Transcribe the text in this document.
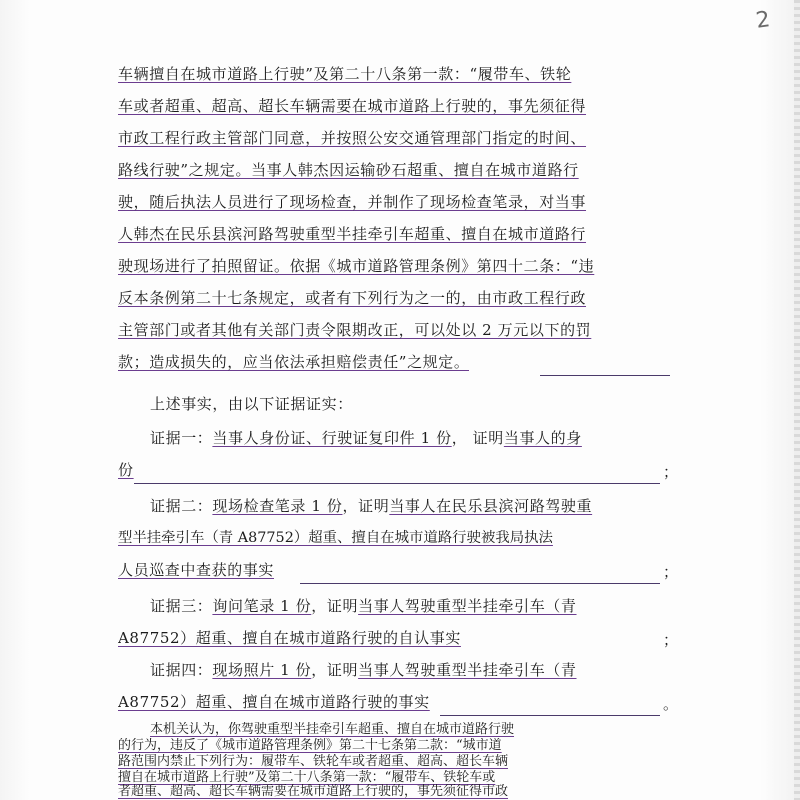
2
车辆擅自在城市道路上行驶”及第二十八条第一款：“履带车、铁轮
车或者超重、超高、超长车辆需要在城市道路上行驶的，事先须征得
市政工程行政主管部门同意，并按照公安交通管理部门指定的时间、
路线行驶”之规定。当事人韩杰因运输砂石超重、擅自在城市道路行
驶，随后执法人员进行了现场检查，并制作了现场检查笔录，对当事
人韩杰在民乐县滨河路驾驶重型半挂牵引车超重、擅自在城市道路行
驶现场进行了拍照留证。依据《城市道路管理条例》第四十二条：“违
反本条例第二十七条规定，或者有下列行为之一的，由市政工程行政
主管部门或者其他有关部门责令限期改正，可以处以 2 万元以下的罚
款；造成损失的，应当依法承担赔偿责任”之规定。
上述事实，由以下证据证实：
证据一：当事人身份证、行驶证复印件 1 份， 证明当事人的身
份	；
证据二：现场检查笔录 1 份，证明当事人在民乐县滨河路驾驶重
型半挂牵引车（青 A87752）超重、擅自在城市道路行驶被我局执法
人员巡查中查获的事实	；
证据三：询问笔录 1 份，证明当事人驾驶重型半挂牵引车（青
A87752）超重、擅自在城市道路行驶的自认事实	；
证据四：现场照片 1 份，证明当事人驾驶重型半挂牵引车（青
A87752）超重、擅自在城市道路行驶的事实	。
本机关认为，你驾驶重型半挂牵引车超重、擅自在城市道路行驶
的行为，违反了《城市道路管理条例》第二十七条第二款：“城市道
路范围内禁止下列行为：履带车、铁轮车或者超重、超高、超长车辆
擅自在城市道路上行驶”及第二十八条第一款：“履带车、铁轮车或
者超重、超高、超长车辆需要在城市道路上行驶的，事先须征得市政
